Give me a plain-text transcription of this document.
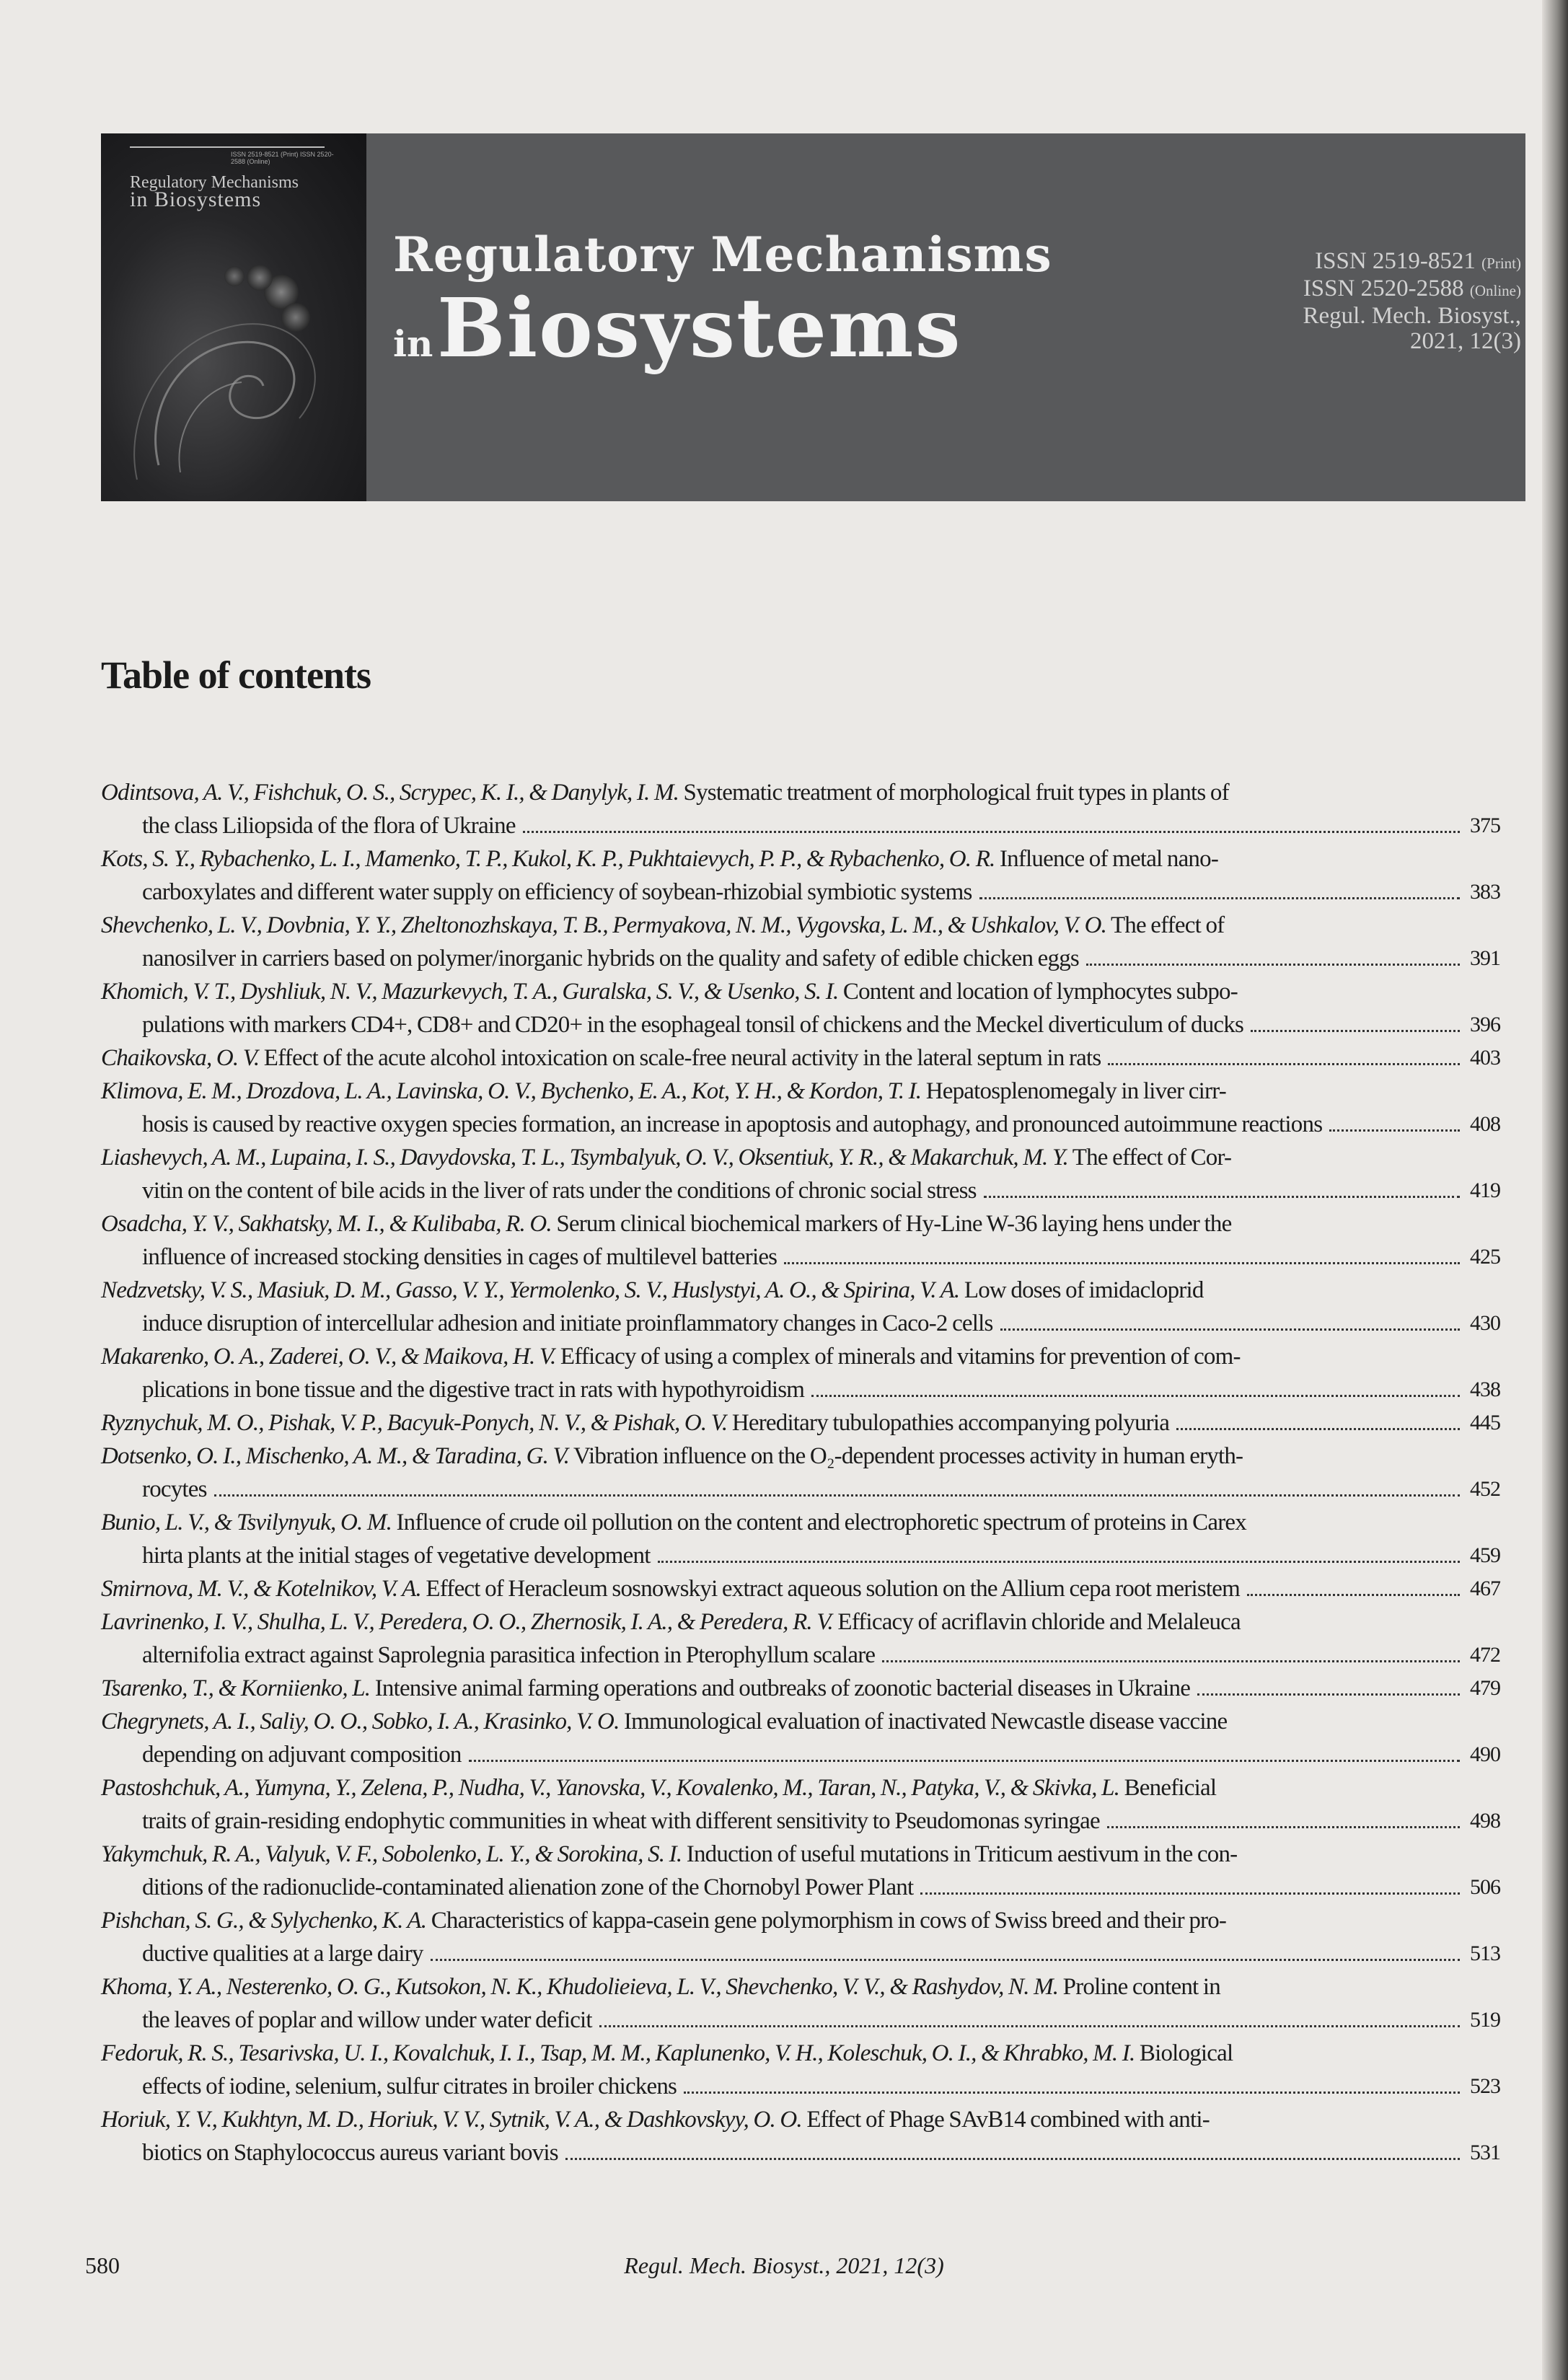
ISSN 2519-8521 (Print) ISSN 2520-2588 (Online)
Regulatory Mechanisms
in Biosystems
Regulatory Mechanisms
in Biosystems
ISSN 2519-8521 (Print)
ISSN 2520-2588 (Online)
Regul. Mech. Biosyst.,
2021, 12(3)
Table of contents
Odintsova, A. V., Fishchuk, O. S., Scrypec, K. I., & Danylyk, I. M. Systematic treatment of morphological fruit types in plants of
the class Liliopsida of the flora of Ukraine	375
Kots, S. Y., Rybachenko, L. I., Mamenko, T. P., Kukol, K. P., Pukhtaievych, P. P., & Rybachenko, O. R. Influence of metal nano-
carboxylates and different water supply on efficiency of soybean-rhizobial symbiotic systems	383
Shevchenko, L. V., Dovbnia, Y. Y., Zheltonozhskaya, T. B., Permyakova, N. M., Vygovska, L. M., & Ushkalov, V. O. The effect of
nanosilver in carriers based on polymer/inorganic hybrids on the quality and safety of edible chicken eggs	391
Khomich, V. T., Dyshliuk, N. V., Mazurkevych, T. A., Guralska, S. V., & Usenko, S. I. Content and location of lymphocytes subpo-
pulations with markers CD4+, CD8+ and CD20+ in the esophageal tonsil of chickens and the Meckel diverticulum of ducks	396
Chaikovska, O. V. Effect of the acute alcohol intoxication on scale-free neural activity in the lateral septum in rats	403
Klimova, E. M., Drozdova, L. A., Lavinska, O. V., Bychenko, E. A., Kot, Y. H., & Kordon, T. I. Hepatosplenomegaly in liver cirr-
hosis is caused by reactive oxygen species formation, an increase in apoptosis and autophagy, and pronounced autoimmune reactions	408
Liashevych, A. M., Lupaina, I. S., Davydovska, T. L., Tsymbalyuk, O. V., Oksentiuk, Y. R., & Makarchuk, M. Y. The effect of Cor-
vitin on the content of bile acids in the liver of rats under the conditions of chronic social stress	419
Osadcha, Y. V., Sakhatsky, M. I., & Kulibaba, R. O. Serum clinical biochemical markers of Hy-Line W-36 laying hens under the
influence of increased stocking densities in cages of multilevel batteries	425
Nedzvetsky, V. S., Masiuk, D. M., Gasso, V. Y., Yermolenko, S. V., Huslystyi, A. O., & Spirina, V. A. Low doses of imidacloprid
induce disruption of intercellular adhesion and initiate proinflammatory changes in Caco-2 cells	430
Makarenko, O. A., Zaderei, O. V., & Maikova, H. V. Efficacy of using a complex of minerals and vitamins for prevention of com-
plications in bone tissue and the digestive tract in rats with hypothyroidism	438
Ryznychuk, M. O., Pishak, V. P., Bacyuk-Ponych, N. V., & Pishak, O. V. Hereditary tubulopathies accompanying polyuria	445
Dotsenko, O. I., Mischenko, A. M., & Taradina, G. V. Vibration influence on the O₂-dependent processes activity in human eryth-
rocytes	452
Bunio, L. V., & Tsvilynyuk, O. M. Influence of crude oil pollution on the content and electrophoretic spectrum of proteins in Carex
hirta plants at the initial stages of vegetative development	459
Smirnova, M. V., & Kotelnikov, V. A. Effect of Heracleum sosnowskyi extract aqueous solution on the Allium cepa root meristem	467
Lavrinenko, I. V., Shulha, L. V., Peredera, O. O., Zhernosik, I. A., & Peredera, R. V. Efficacy of acriflavin chloride and Melaleuca
alternifolia extract against Saprolegnia parasitica infection in Pterophyllum scalare	472
Tsarenko, T., & Korniienko, L. Intensive animal farming operations and outbreaks of zoonotic bacterial diseases in Ukraine	479
Chegrynets, A. I., Saliy, O. O., Sobko, I. A., Krasinko, V. O. Immunological evaluation of inactivated Newcastle disease vaccine
depending on adjuvant composition	490
Pastoshchuk, A., Yumyna, Y., Zelena, P., Nudha, V., Yanovska, V., Kovalenko, M., Taran, N., Patyka, V., & Skivka, L. Beneficial
traits of grain-residing endophytic communities in wheat with different sensitivity to Pseudomonas syringae	498
Yakymchuk, R. A., Valyuk, V. F., Sobolenko, L. Y., & Sorokina, S. I. Induction of useful mutations in Triticum aestivum in the con-
ditions of the radionuclide-contaminated alienation zone of the Chornobyl Power Plant	506
Pishchan, S. G., & Sylychenko, K. A. Characteristics of kappa-casein gene polymorphism in cows of Swiss breed and their pro-
ductive qualities at a large dairy	513
Khoma, Y. A., Nesterenko, O. G., Kutsokon, N. K., Khudolieieva, L. V., Shevchenko, V. V., & Rashydov, N. M. Proline content in
the leaves of poplar and willow under water deficit	519
Fedoruk, R. S., Tesarivska, U. I., Kovalchuk, I. I., Tsap, M. M., Kaplunenko, V. H., Koleschuk, O. I., & Khrabko, M. I. Biological
effects of iodine, selenium, sulfur citrates in broiler chickens	523
Horiuk, Y. V., Kukhtyn, M. D., Horiuk, V. V., Sytnik, V. A., & Dashkovskyy, O. O. Effect of Phage SAvB14 combined with anti-
biotics on Staphylococcus aureus variant bovis	531
580	Regul. Mech. Biosyst., 2021, 12(3)
